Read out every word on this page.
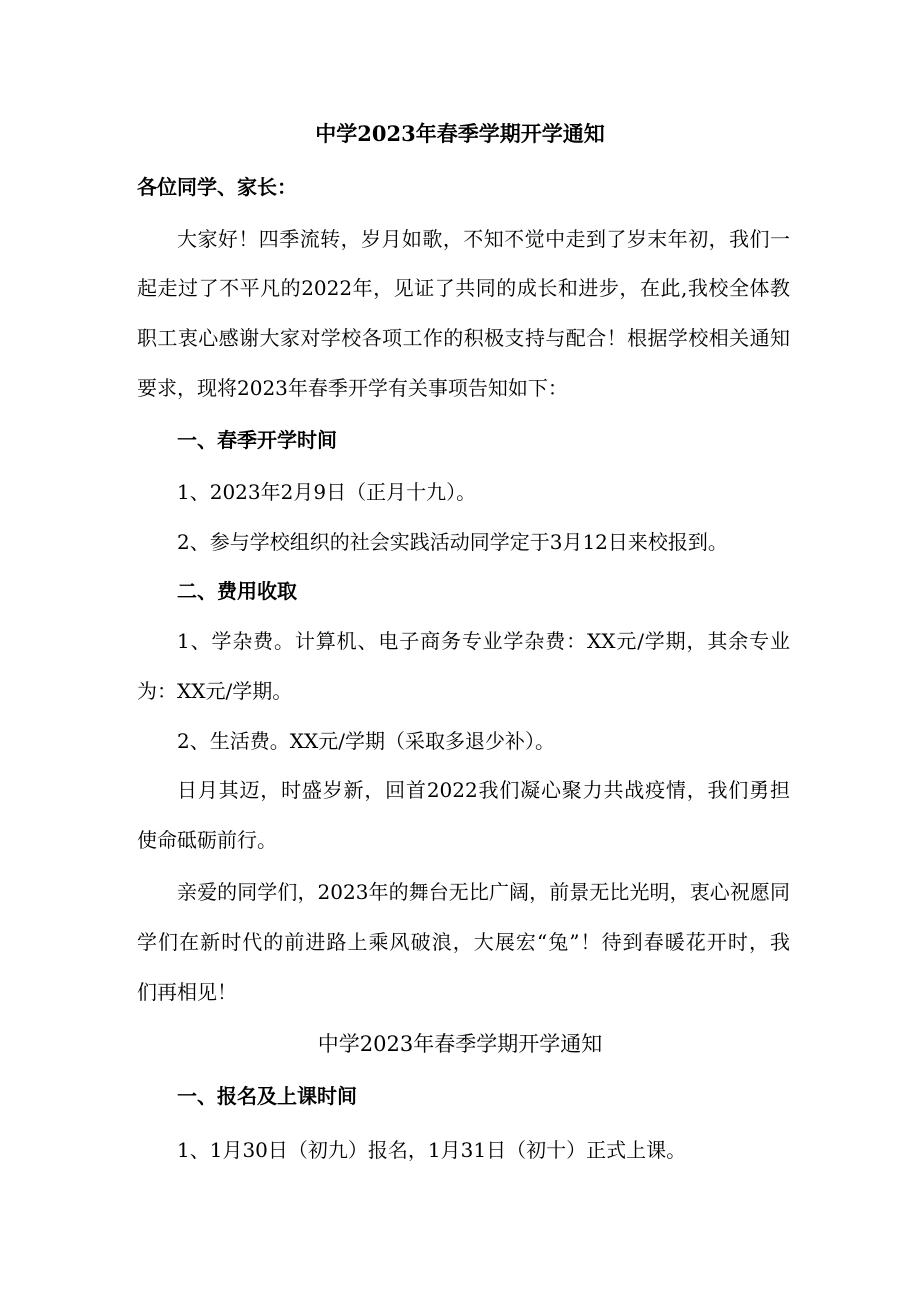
中学2023年春季学期开学通知
各位同学、家长：
大家好！四季流转，岁月如歌，不知不觉中走到了岁末年初，我们一
起走过了不平凡的2022年，见证了共同的成长和进步，在此,我校全体教
职工衷心感谢大家对学校各项工作的积极支持与配合！根据学校相关通知
要求，现将2023年春季开学有关事项告知如下：
一、春季开学时间
1、2023年2月9日（正月十九）。
2、参与学校组织的社会实践活动同学定于3月12日来校报到。
二、费用收取
1、学杂费。计算机、电子商务专业学杂费：XX元/学期，其余专业
为：XX元/学期。
2、生活费。XX元/学期（采取多退少补）。
日月其迈，时盛岁新，回首2022我们凝心聚力共战疫情，我们勇担
使命砥砺前行。
亲爱的同学们，2023年的舞台无比广阔，前景无比光明，衷心祝愿同
学们在新时代的前进路上乘风破浪，大展宏“兔”！待到春暖花开时，我
们再相见！
中学2023年春季学期开学通知
一、报名及上课时间
1、1月30日（初九）报名，1月31日（初十）正式上课。
